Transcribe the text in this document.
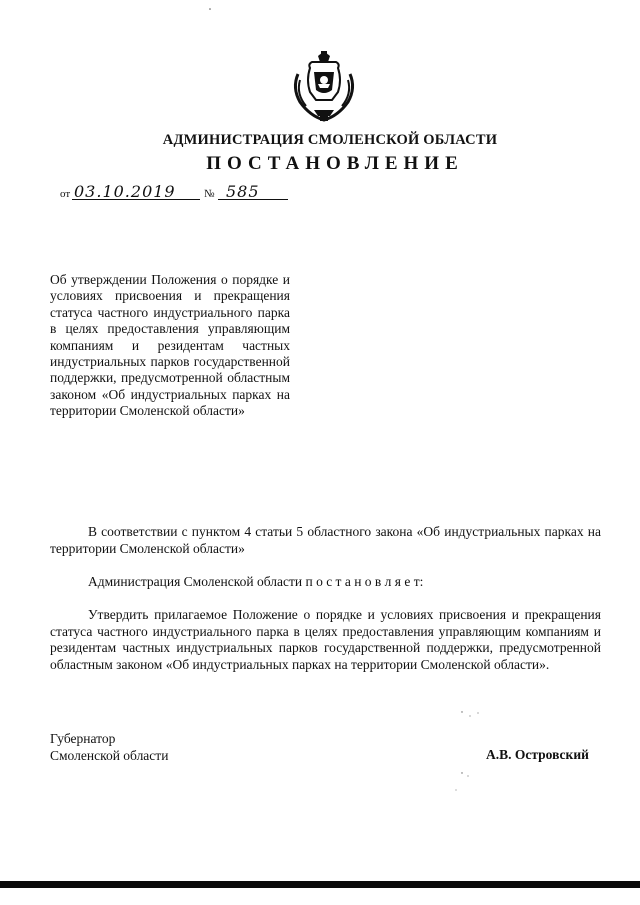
АДМИНИСТРАЦИЯ СМОЛЕНСКОЙ ОБЛАСТИ
ПОСТАНОВЛЕНИЕ
от 03.10.2019	№ 585
Об утверждении Положения о порядке и условиях присвоения и прекращения статуса частного индустриального парка в целях предоставления управляющим компаниям и резидентам частных индустриальных парков государственной поддержки, предусмотренной областным законом «Об индустриальных парках на территории Смоленской области»
В соответствии с пунктом 4 статьи 5 областного закона «Об индустриальных парках на территории Смоленской области»
Администрация Смоленской области п о с т а н о в л я е т:
Утвердить прилагаемое Положение о порядке и условиях присвоения и прекращения статуса частного индустриального парка в целях предоставления управляющим компаниям и резидентам частных индустриальных парков государственной поддержки, предусмотренной областным законом «Об индустриальных парках на территории Смоленской области».
Губернатор
Смоленской области	А.В. Островский
